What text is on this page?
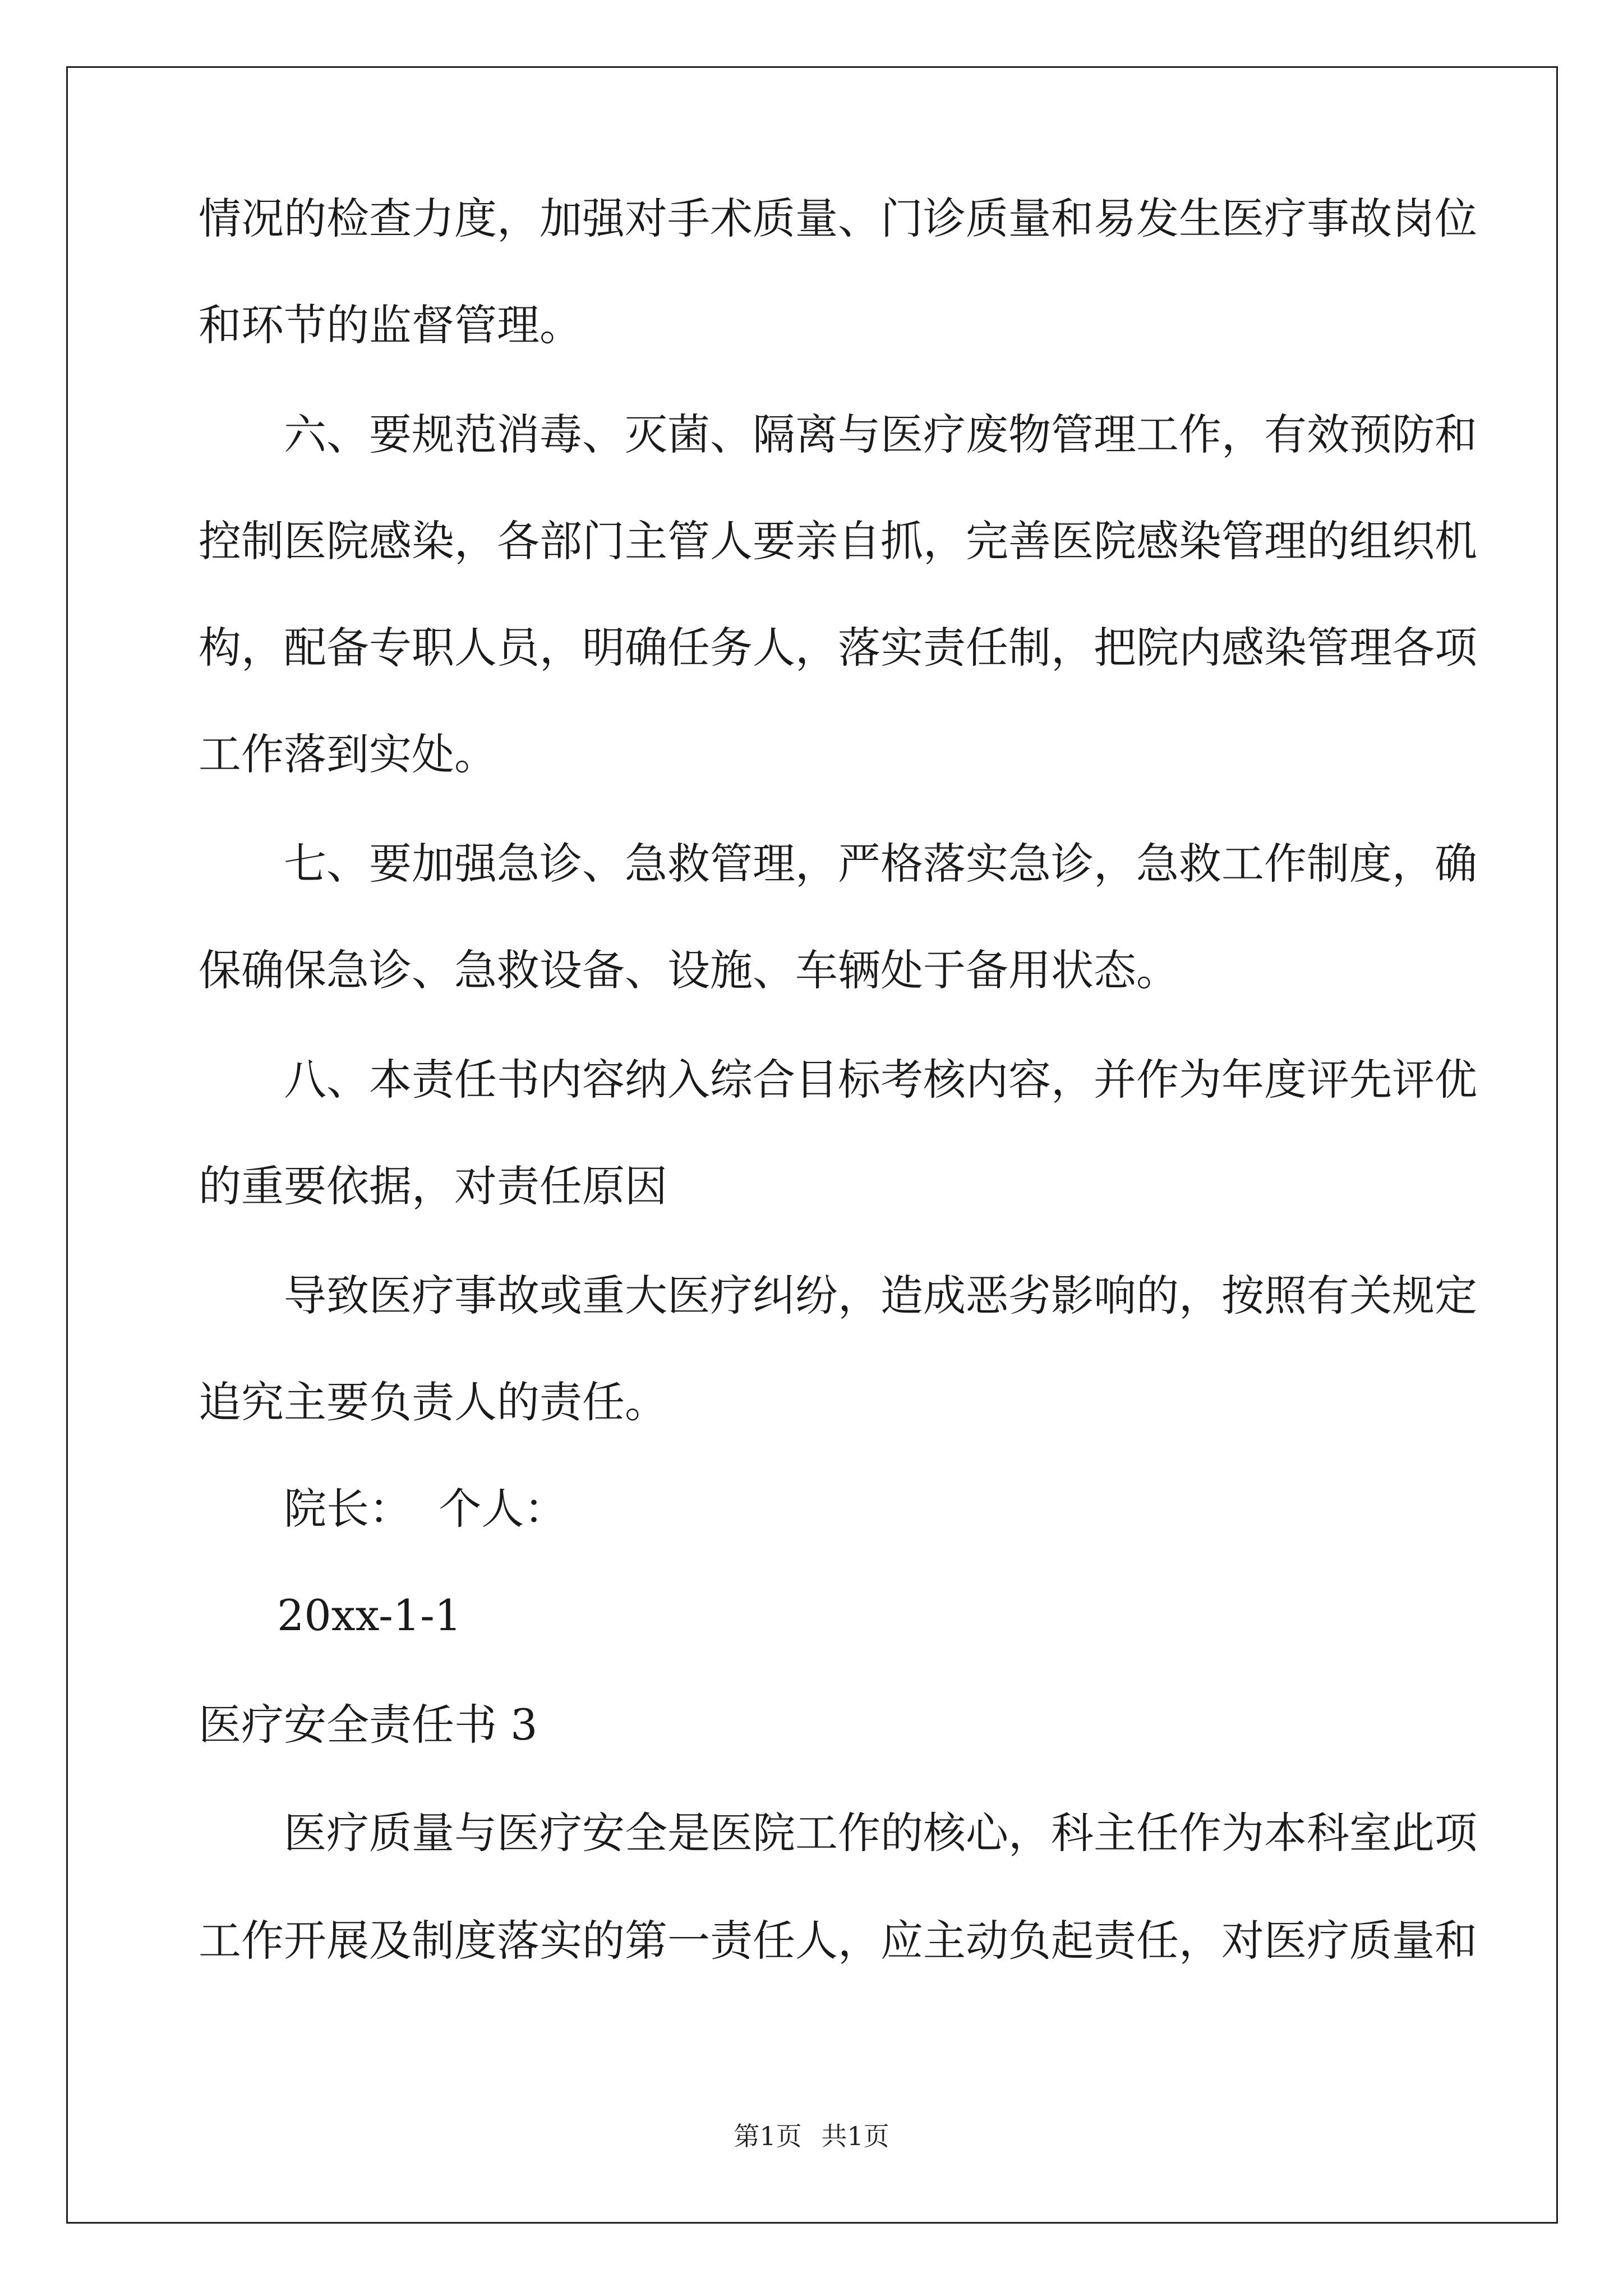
情况的检查力度，加强对手术质量、门诊质量和易发生医疗事故岗位
和环节的监督管理。
六、要规范消毒、灭菌、隔离与医疗废物管理工作，有效预防和
控制医院感染，各部门主管人要亲自抓，完善医院感染管理的组织机
构，配备专职人员，明确任务人，落实责任制，把院内感染管理各项
工作落到实处。
七、要加强急诊、急救管理，严格落实急诊，急救工作制度，确
保确保急诊、急救设备、设施、车辆处于备用状态。
八、本责任书内容纳入综合目标考核内容，并作为年度评先评优
的重要依据，对责任原因
导致医疗事故或重大医疗纠纷，造成恶劣影响的，按照有关规定
追究主要负责人的责任。
院长：  个人：
20xx-1-1
医疗安全责任书 3
医疗质量与医疗安全是医院工作的核心，科主任作为本科室此项
工作开展及制度落实的第一责任人，应主动负起责任，对医疗质量和
第1页 共1页
